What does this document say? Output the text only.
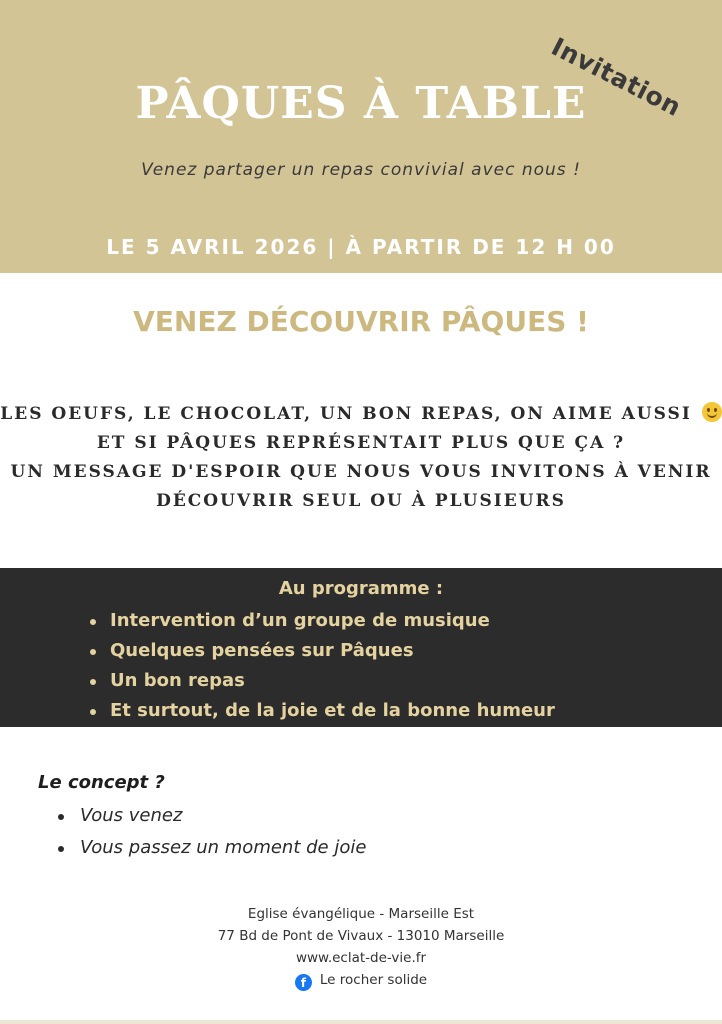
Invitation
PÂQUES À TABLE
Venez partager un repas convivial avec nous !
LE 5 AVRIL 2026 | À PARTIR DE 12 H 00
VENEZ DÉCOUVRIR PÂQUES !
LES OEUFS, LE CHOCOLAT, UN BON REPAS, ON AIME AUSSI
ET SI PÂQUES REPRÉSENTAIT PLUS QUE ÇA ?
UN MESSAGE D'ESPOIR QUE NOUS VOUS INVITONS À VENIR
DÉCOUVRIR SEUL OU À PLUSIEURS
Au programme :
Intervention d’un groupe de musique
Quelques pensées sur Pâques
Un bon repas
Et surtout, de la joie et de la bonne humeur
Le concept ?
Vous venez
Vous passez un moment de joie
Eglise évangélique - Marseille Est
77 Bd de Pont de Vivaux - 13010 Marseille
www.eclat-de-vie.fr
f Le rocher solide
